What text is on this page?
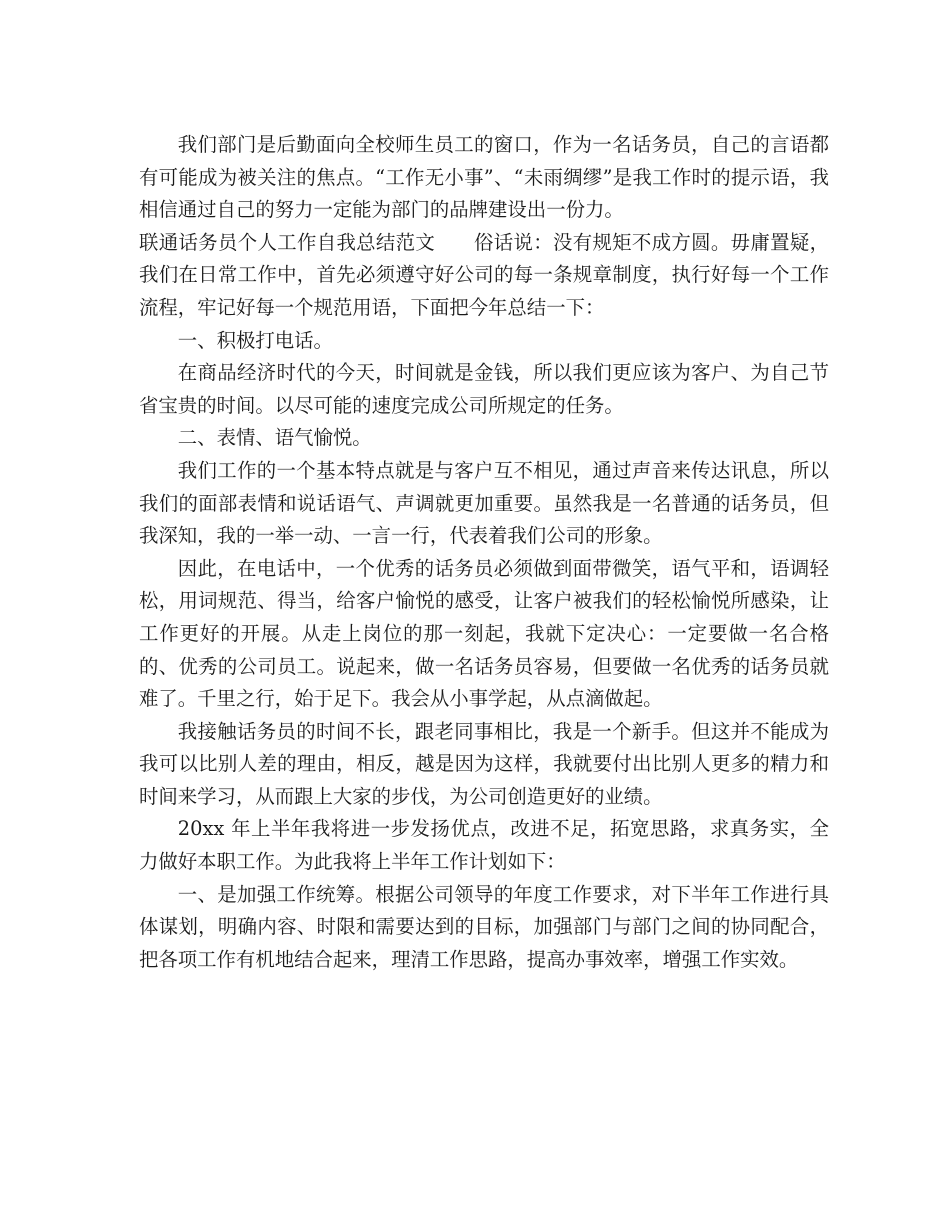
我们部门是后勤面向全校师生员工的窗口，作为一名话务员，自己的言语都有可能成为被关注的焦点。“工作无小事”、“未雨绸缪”是我工作时的提示语，我相信通过自己的努力一定能为部门的品牌建设出一份力。

联通话务员个人工作自我总结范文 俗话说：没有规矩不成方圆。毋庸置疑，我们在日常工作中，首先必须遵守好公司的每一条规章制度，执行好每一个工作流程，牢记好每一个规范用语，下面把今年总结一下：

一、积极打电话。

在商品经济时代的今天，时间就是金钱，所以我们更应该为客户、为自己节省宝贵的时间。以尽可能的速度完成公司所规定的任务。

二、表情、语气愉悦。

我们工作的一个基本特点就是与客户互不相见，通过声音来传达讯息，所以我们的面部表情和说话语气、声调就更加重要。虽然我是一名普通的话务员，但我深知，我的一举一动、一言一行，代表着我们公司的形象。

因此，在电话中，一个优秀的话务员必须做到面带微笑，语气平和，语调轻松，用词规范、得当，给客户愉悦的感受，让客户被我们的轻松愉悦所感染，让工作更好的开展。从走上岗位的那一刻起，我就下定决心：一定要做一名合格的、优秀的公司员工。说起来，做一名话务员容易，但要做一名优秀的话务员就难了。千里之行，始于足下。我会从小事学起，从点滴做起。

我接触话务员的时间不长，跟老同事相比，我是一个新手。但这并不能成为我可以比别人差的理由，相反，越是因为这样，我就要付出比别人更多的精力和时间来学习，从而跟上大家的步伐，为公司创造更好的业绩。

20xx 年上半年我将进一步发扬优点，改进不足，拓宽思路，求真务实，全力做好本职工作。为此我将上半年工作计划如下：

一、是加强工作统筹。根据公司领导的年度工作要求，对下半年工作进行具体谋划，明确内容、时限和需要达到的目标，加强部门与部门之间的协同配合，把各项工作有机地结合起来，理清工作思路，提高办事效率，增强工作实效。
